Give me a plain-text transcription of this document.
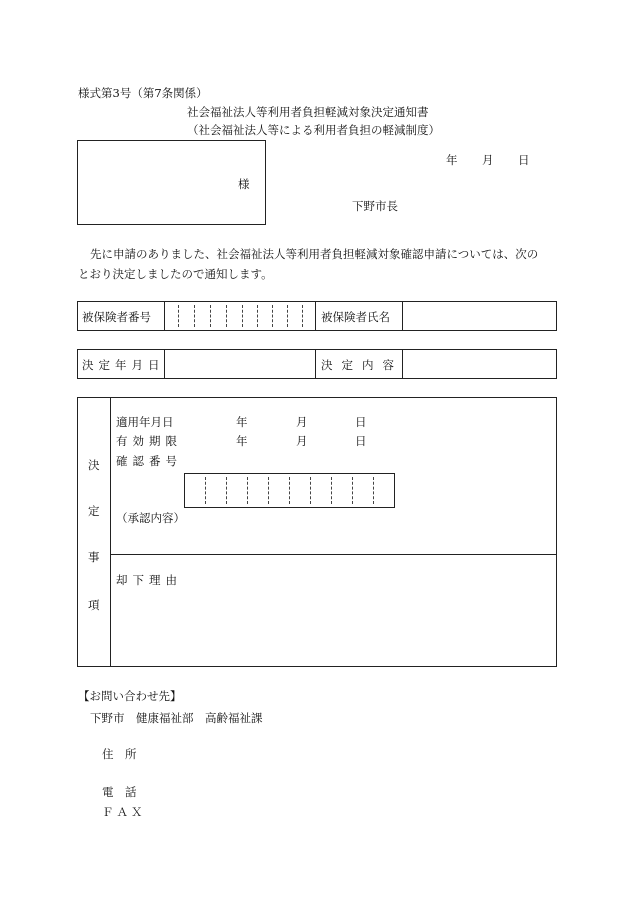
様式第3号（第7条関係）
社会福祉法人等利用者負担軽減対象決定通知書
（社会福祉法人等による利用者負担の軽減制度）
様
年 月 日
下野市長
先に申請のありました、社会福祉法人等利用者負担軽減対象確認申請については、次の
とおり決定しましたので通知します。
被保険者番号	被保険者氏名
決定年月日	決定内容
決
定
事
項
適用年月日	年	月	日
有効期限	年	月	日
確認番号
（承認内容）
却下理由
【お問い合わせ先】
下野市　健康福祉部　高齢福祉課
住　所
電　話
ＦＡＸ
